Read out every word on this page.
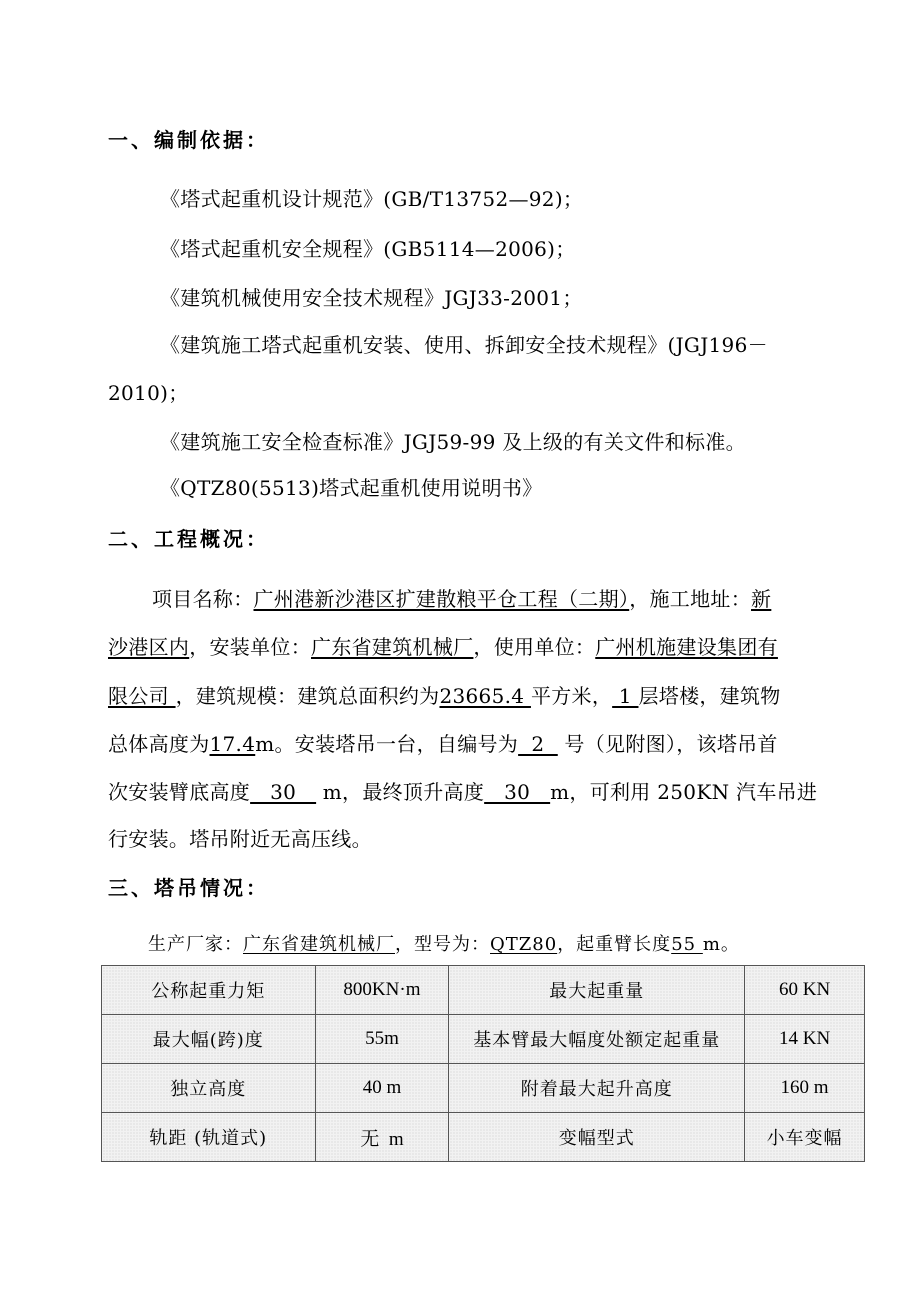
一、编制依据：
《塔式起重机设计规范》(GB/T13752—92)；
《塔式起重机安全规程》(GB5114—2006)；
《建筑机械使用安全技术规程》JGJ33-2001；
《建筑施工塔式起重机安装、使用、拆卸安全技术规程》(JGJ196－
2010)；
《建筑施工安全检查标准》JGJ59-99 及上级的有关文件和标准。
《QTZ80(5513)塔式起重机使用说明书》
二、工程概况：
项目名称：广州港新沙港区扩建散粮平仓工程（二期），施工地址：新
沙港区内，安装单位：广东省建筑机械厂，使用单位：广州机施建设集团有
限公司 ，建筑规模：建筑总面积约为23665.4 平方米， 1 层塔楼，建筑物
总体高度为17.4m。安装塔吊一台，自编号为  2   号（见附图），该塔吊首
次安装臂底高度   30    m，最终顶升高度   30   m，可利用 250KN 汽车吊进
行安装。塔吊附近无高压线。
三、塔吊情况：
生产厂家：广东省建筑机械厂，型号为：QTZ80，起重臂长度55 m。
公称起重力矩	800KN·m	最大起重量	60 KN
最大幅(跨)度	55m	基本臂最大幅度处额定起重量	14 KN
独立高度	40 m	附着最大起升高度	160 m
轨距 (轨道式)	无  m	变幅型式	小车变幅
